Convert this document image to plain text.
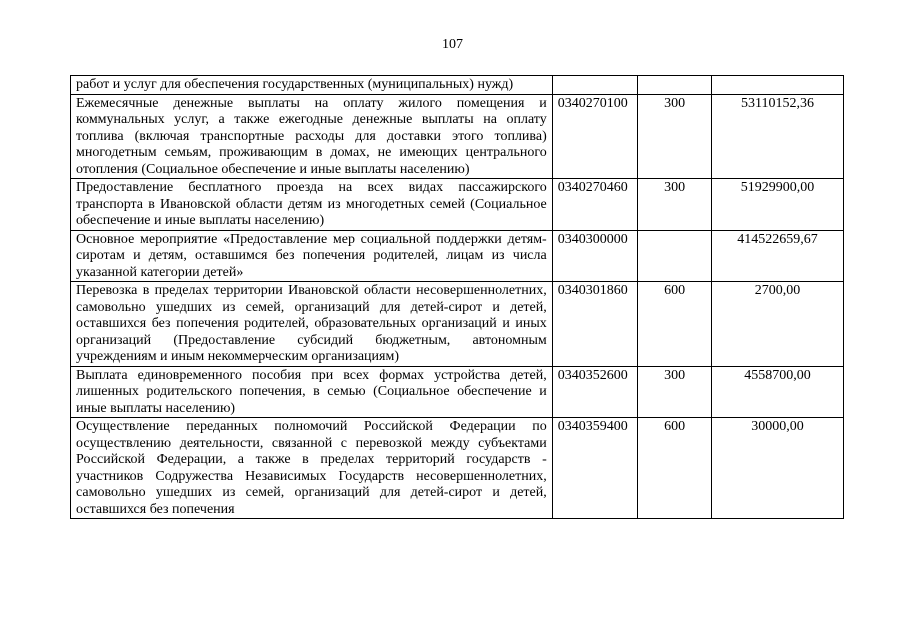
107
работ и услуг для обеспечения государственных (муниципальных) нужд)			
Ежемесячные денежные выплаты на оплату жилого помещения и коммунальных услуг, а также ежегодные денежные выплаты на оплату топлива (включая транспортные расходы для доставки этого топлива) многодетным семьям, проживающим в домах, не имеющих центрального отопления (Социальное обеспечение и иные выплаты населению)	0340270100	300	53110152,36
Предоставление бесплатного проезда на всех видах пассажирского транспорта в Ивановской области детям из многодетных семей (Социальное обеспечение и иные выплаты населению)	0340270460	300	51929900,00
Основное мероприятие «Предоставление мер социальной поддержки детям-сиротам и детям, оставшимся без попечения родителей, лицам из числа указанной категории детей»	0340300000		414522659,67
Перевозка в пределах территории Ивановской области несовершеннолетних, самовольно ушедших из семей, организаций для детей-сирот и детей, оставшихся без попечения родителей, образовательных организаций и иных организаций (Предоставление субсидий бюджетным, автономным учреждениям и иным некоммерческим организациям)	0340301860	600	2700,00
Выплата единовременного пособия при всех формах устройства детей, лишенных родительского попечения, в семью (Социальное обеспечение и иные выплаты населению)	0340352600	300	4558700,00
Осуществление переданных полномочий Российской Федерации по осуществлению деятельности, связанной с перевозкой между субъектами Российской Федерации, а также в пределах территорий государств - участников Содружества Независимых Государств несовершеннолетних, самовольно ушедших из семей, организаций для детей-сирот и детей, оставшихся без попечения	0340359400	600	30000,00
